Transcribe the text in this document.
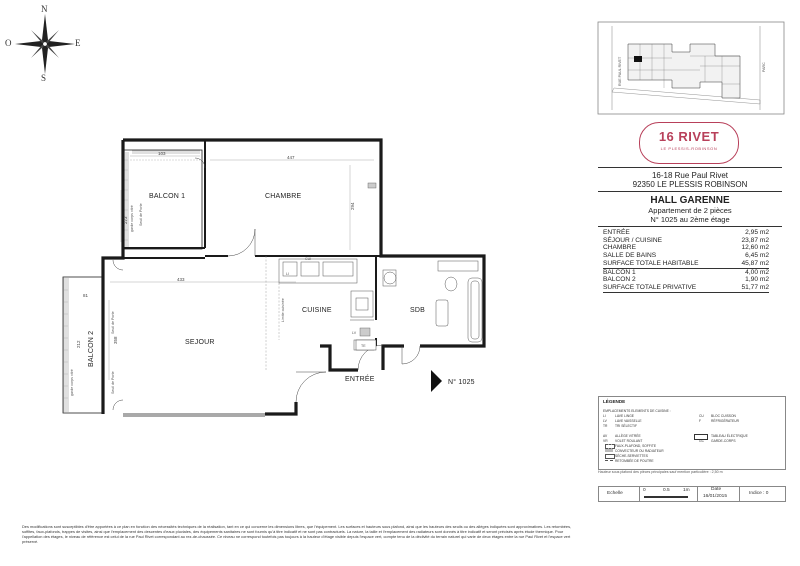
BALCON 1	CHAMBRE
CUISINE	SDB
SEJOUR
ENTRÉE
BALCON 2
N° 1025
103
447
433
273
294
358
212
81
CUI
LI
LV
TE
Seuil de Porte
Seuil de Porte
Seuil de Porte
Limite cuisinée
garde corps vitré
garde corps vitré
RUE PAUL RIVET	PARC
N
S
E
O
16 RIVET
LE PLESSIS-ROBINSON
16-18 Rue Paul Rivet
92350 LE PLESSIS ROBINSON
HALL GARENNE
Appartement de 2 pièces
N° 1025 au 2ème étage
ENTRÉE	2,95 m2
SÉJOUR / CUISINE	23,87 m2
CHAMBRE	12,60 m2
SALLE DE BAINS	6,45 m2
SURFACE TOTALE HABITABLE	45,87 m2
BALCON 1	4,00 m2
BALCON 2	1,90 m2
SURFACE TOTALE PRIVATIVE	51,77 m2
LÉGENDE
EMPLACEMENTS ELEMENTS DE CUISINE :
LI	LAVE LINGE
LV LAVE VAISSELLE
TR TRI SÉLECTIF
CU BLOC CUISSON
F	RÉFRIGÉRATEUR
AV ALLÈGE VITRÉE
VR VOLET ROULANT
FAUX-PLAFOND, SOFFITE
CONVECTEUR OU RADIATEUR
SÈCHE-SERVIETTES
RETOMBÉE DE POUTRE
TABLEAU ÉLECTRIQUE
GC GARDE-CORPS
Hauteur sous plafond des pièces principales sauf mention particulière : 2,50 m
Echelle
0	0.5	1m	Date
16/01/2015
Indice : 0
Des modifications sont susceptibles d'être apportées à ce plan en fonction des nécessités techniques de la réalisation, tant en ce qui concerne les dimensions libres, que l'équipement. Les surfaces et hauteurs sous plafond, ainsi que les hauteurs des seuils ou des allèges indiquées sont approximatives. Les retombées, soffites, faux-plafonds, trappes de visites, ainsi que l'emplacement des descentes d'eaux pluviales, des équipements sanitaires ne sont fournis qu'à titre indicatif et ne sont pas contractuels. La nature, la taille et l'emplacement des radiateurs sont donnés à titre indicatif et seront précisés après étude thermique. Pour l'appellation des étages, le niveau de référence est celui de la rue Paul Rivet correspondant au rez-de-chaussée. Ce niveau ne correspond toutefois pas toujours à la hauteur d'étage visible depuis l'espace vert, compte tenu de la déclivité du terrain naturel qui varie de deux étages entre la rue Paul Rivet et l'espace vert préservé.
